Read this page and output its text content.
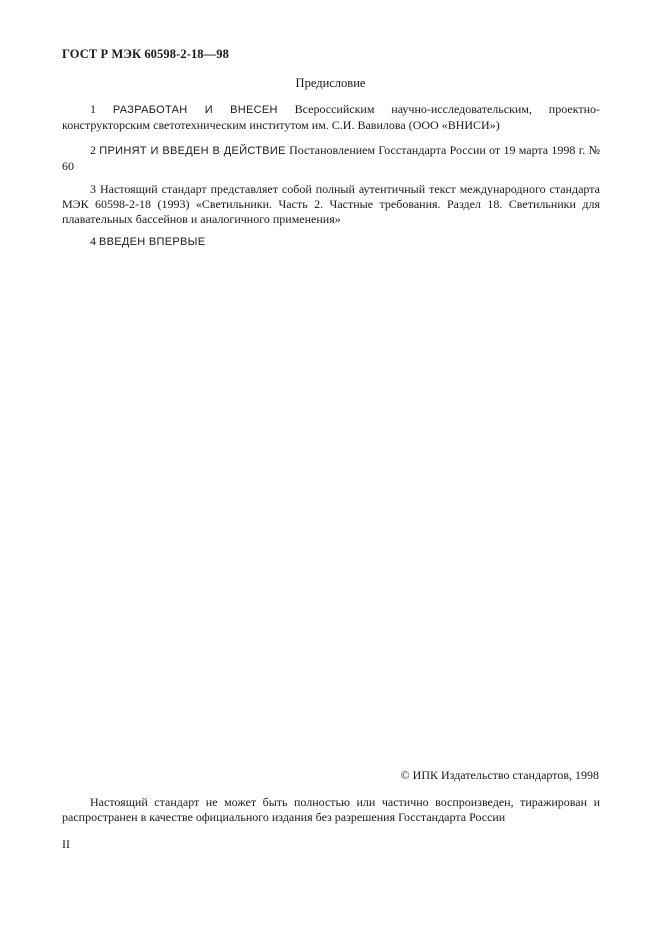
ГОСТ Р МЭК 60598-2-18—98
Предисловие
1 РАЗРАБОТАН И ВНЕСЕН Всероссийским научно-исследовательским, проектно-конструкторским светотехническим институтом им. С.И. Вавилова (ООО «ВНИСИ»)
2 ПРИНЯТ И ВВЕДЕН В ДЕЙСТВИЕ Постановлением Госстандарта России от 19 марта 1998 г. № 60
3 Настоящий стандарт представляет собой полный аутентичный текст международного стандарта МЭК 60598-2-18 (1993) «Светильники. Часть 2. Частные требования. Раздел 18. Светильники для плавательных бассейнов и аналогичного применения»
4 ВВЕДЕН ВПЕРВЫЕ
© ИПК Издательство стандартов, 1998
Настоящий стандарт не может быть полностью или частично воспроизведен, тиражирован и распространен в качестве официального издания без разрешения Госстандарта России
II
